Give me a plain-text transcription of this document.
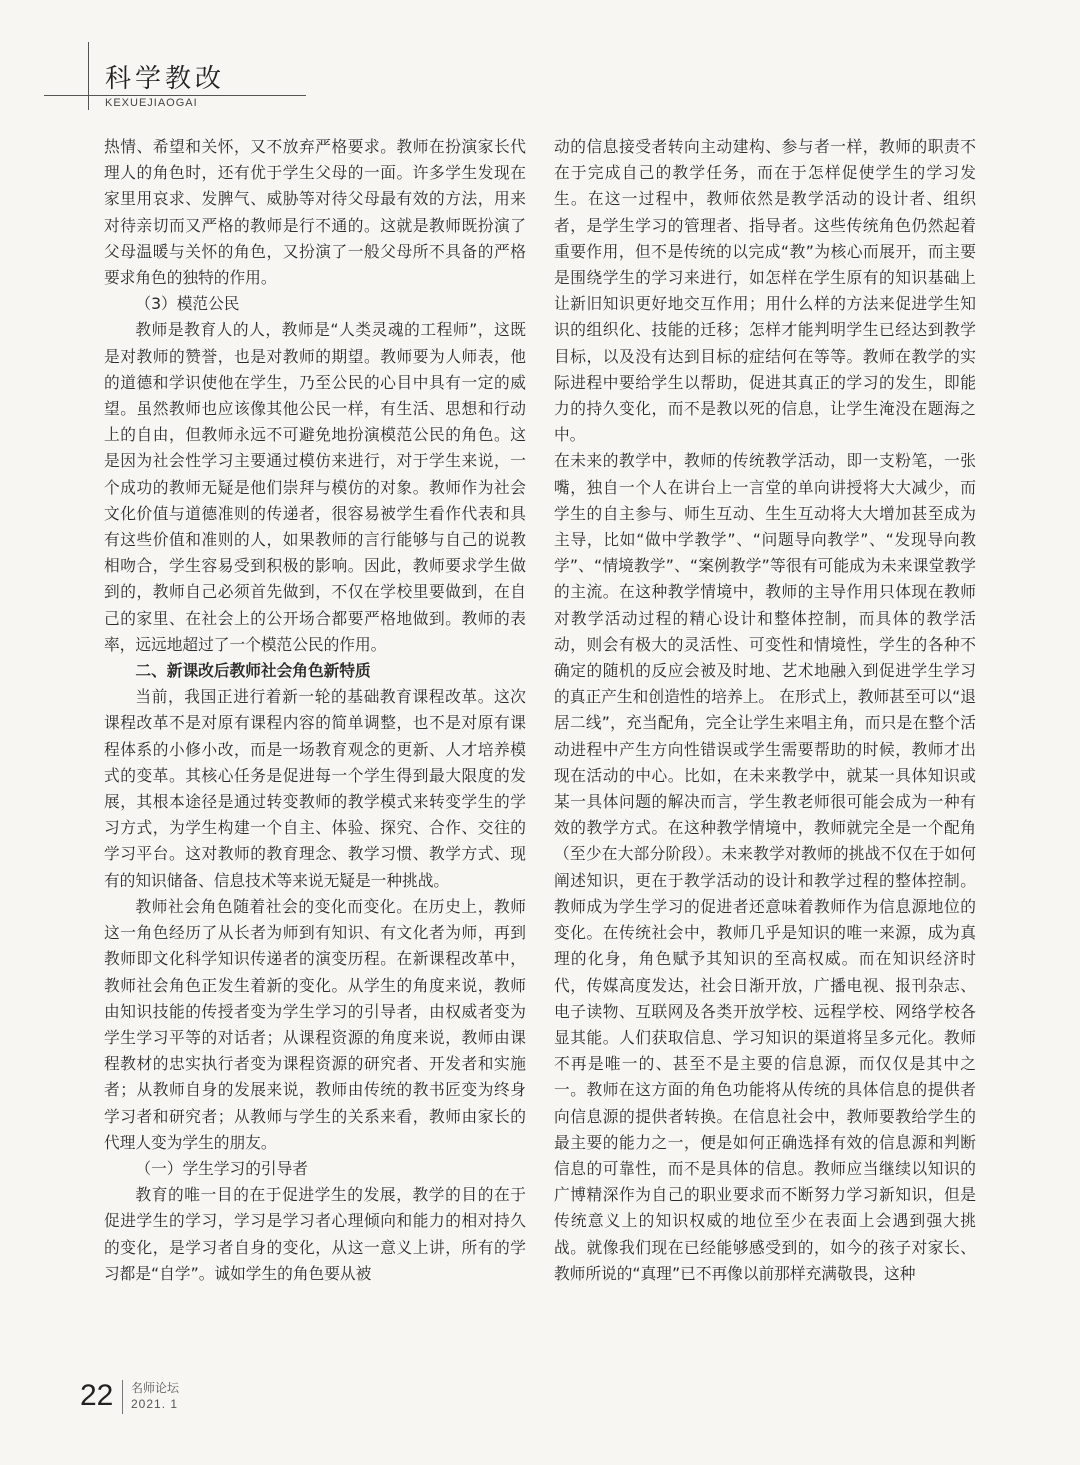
科学教改
KEXUEJIAOGAI

热情、希望和关怀，又不放弃严格要求。教师在扮演家长代理人的角色时，还有优于学生父母的一面。许多学生发现在家里用哀求、发脾气、威胁等对待父母最有效的方法，用来对待亲切而又严格的教师是行不通的。这就是教师既扮演了父母温暖与关怀的角色，又扮演了一般父母所不具备的严格要求角色的独特的作用。

（3）模范公民

教师是教育人的人，教师是“人类灵魂的工程师”，这既是对教师的赞誉，也是对教师的期望。教师要为人师表，他的道德和学识使他在学生，乃至公民的心目中具有一定的威望。虽然教师也应该像其他公民一样，有生活、思想和行动上的自由，但教师永远不可避免地扮演模范公民的角色。这是因为社会性学习主要通过模仿来进行，对于学生来说，一个成功的教师无疑是他们崇拜与模仿的对象。教师作为社会文化价值与道德准则的传递者，很容易被学生看作代表和具有这些价值和准则的人，如果教师的言行能够与自己的说教相吻合，学生容易受到积极的影响。因此，教师要求学生做到的，教师自己必须首先做到，不仅在学校里要做到，在自己的家里、在社会上的公开场合都要严格地做到。教师的表率，远远地超过了一个模范公民的作用。

二、新课改后教师社会角色新特质

当前，我国正进行着新一轮的基础教育课程改革。这次课程改革不是对原有课程内容的简单调整，也不是对原有课程体系的小修小改，而是一场教育观念的更新、人才培养模式的变革。其核心任务是促进每一个学生得到最大限度的发展，其根本途径是通过转变教师的教学模式来转变学生的学习方式，为学生构建一个自主、体验、探究、合作、交往的学习平台。这对教师的教育理念、教学习惯、教学方式、现有的知识储备、信息技术等来说无疑是一种挑战。

教师社会角色随着社会的变化而变化。在历史上，教师这一角色经历了从长者为师到有知识、有文化者为师，再到教师即文化科学知识传递者的演变历程。在新课程改革中，教师社会角色正发生着新的变化。从学生的角度来说，教师由知识技能的传授者变为学生学习的引导者，由权威者变为学生学习平等的对话者；从课程资源的角度来说，教师由课程教材的忠实执行者变为课程资源的研究者、开发者和实施者；从教师自身的发展来说，教师由传统的教书匠变为终身学习者和研究者；从教师与学生的关系来看，教师由家长的代理人变为学生的朋友。

（一）学生学习的引导者

教育的唯一目的在于促进学生的发展，教学的目的在于促进学生的学习，学习是学习者心理倾向和能力的相对持久的变化，是学习者自身的变化，从这一意义上讲，所有的学习都是“自学”。诚如学生的角色要从被

动的信息接受者转向主动建构、参与者一样，教师的职责不在于完成自己的教学任务，而在于怎样促使学生的学习发生。在这一过程中，教师依然是教学活动的设计者、组织者，是学生学习的管理者、指导者。这些传统角色仍然起着重要作用，但不是传统的以完成“教”为核心而展开，而主要是围绕学生的学习来进行，如怎样在学生原有的知识基础上让新旧知识更好地交互作用；用什么样的方法来促进学生知识的组织化、技能的迁移；怎样才能判明学生已经达到教学目标，以及没有达到目标的症结何在等等。教师在教学的实际进程中要给学生以帮助，促进其真正的学习的发生，即能力的持久变化，而不是教以死的信息，让学生淹没在题海之中。

在未来的教学中，教师的传统教学活动，即一支粉笔，一张嘴，独自一个人在讲台上一言堂的单向讲授将大大减少，而学生的自主参与、师生互动、生生互动将大大增加甚至成为主导，比如“做中学教学”、“问题导向教学”、“发现导向教学”、“情境教学”、“案例教学”等很有可能成为未来课堂教学的主流。在这种教学情境中，教师的主导作用只体现在教师对教学活动过程的精心设计和整体控制，而具体的教学活动，则会有极大的灵活性、可变性和情境性，学生的各种不确定的随机的反应会被及时地、艺术地融入到促进学生学习的真正产生和创造性的培养上。 在形式上，教师甚至可以“退居二线”，充当配角，完全让学生来唱主角，而只是在整个活动进程中产生方向性错误或学生需要帮助的时候，教师才出现在活动的中心。比如，在未来教学中，就某一具体知识或某一具体问题的解决而言，学生教老师很可能会成为一种有效的教学方式。在这种教学情境中，教师就完全是一个配角（至少在大部分阶段）。未来教学对教师的挑战不仅在于如何阐述知识，更在于教学活动的设计和教学过程的整体控制。教师成为学生学习的促进者还意味着教师作为信息源地位的变化。在传统社会中，教师几乎是知识的唯一来源，成为真理的化身，角色赋予其知识的至高权威。而在知识经济时代，传媒高度发达，社会日渐开放，广播电视、报刊杂志、电子读物、互联网及各类开放学校、远程学校、网络学校各显其能。人们获取信息、学习知识的渠道将呈多元化。教师不再是唯一的、甚至不是主要的信息源，而仅仅是其中之一。教师在这方面的角色功能将从传统的具体信息的提供者向信息源的提供者转换。在信息社会中，教师要教给学生的最主要的能力之一，便是如何正确选择有效的信息源和判断信息的可靠性，而不是具体的信息。教师应当继续以知识的广博精深作为自己的职业要求而不断努力学习新知识，但是传统意义上的知识权威的地位至少在表面上会遇到强大挑战。就像我们现在已经能够感受到的，如今的孩子对家长、教师所说的“真理”已不再像以前那样充满敬畏，这种

22 名师论坛
2021. 1
